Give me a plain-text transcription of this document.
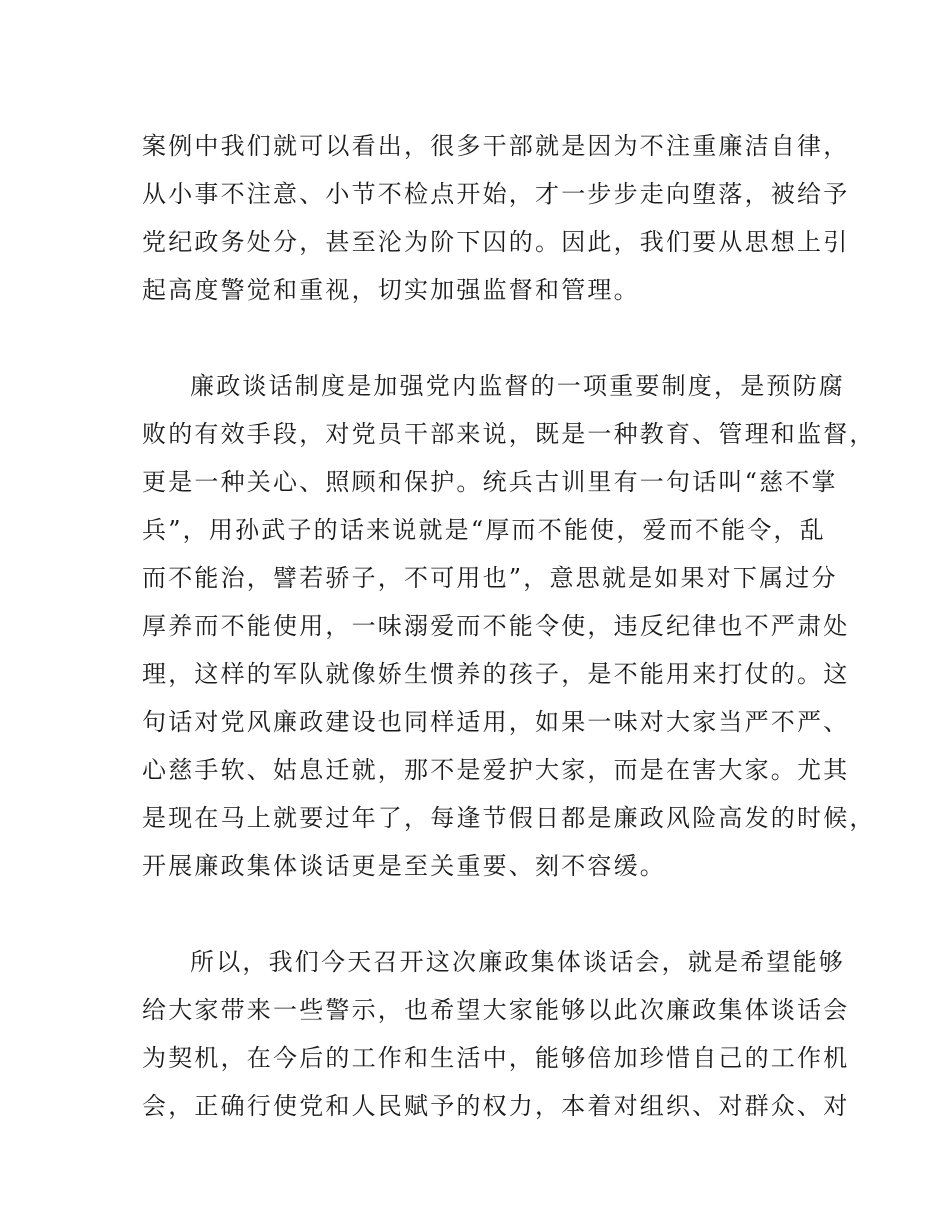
案例中我们就可以看出，很多干部就是因为不注重廉洁自律，
从小事不注意、小节不检点开始，才一步步走向堕落，被给予
党纪政务处分，甚至沦为阶下囚的。因此，我们要从思想上引
起高度警觉和重视，切实加强监督和管理。
廉政谈话制度是加强党内监督的一项重要制度，是预防腐
败的有效手段，对党员干部来说，既是一种教育、管理和监督，
更是一种关心、照顾和保护。统兵古训里有一句话叫“慈不掌
兵”，用孙武子的话来说就是“厚而不能使，爱而不能令，乱
而不能治，譬若骄子，不可用也”，意思就是如果对下属过分
厚养而不能使用，一味溺爱而不能令使，违反纪律也不严肃处
理，这样的军队就像娇生惯养的孩子，是不能用来打仗的。这
句话对党风廉政建设也同样适用，如果一味对大家当严不严、
心慈手软、姑息迁就，那不是爱护大家，而是在害大家。尤其
是现在马上就要过年了，每逢节假日都是廉政风险高发的时候，
开展廉政集体谈话更是至关重要、刻不容缓。
所以，我们今天召开这次廉政集体谈话会，就是希望能够
给大家带来一些警示，也希望大家能够以此次廉政集体谈话会
为契机，在今后的工作和生活中，能够倍加珍惜自己的工作机
会，正确行使党和人民赋予的权力，本着对组织、对群众、对
